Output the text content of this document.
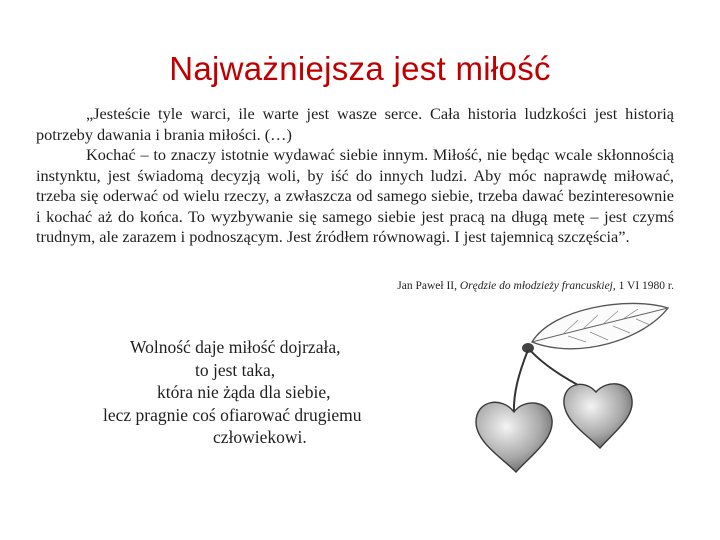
Najważniejsza jest miłość

„Jesteście tyle warci, ile warte jest wasze serce. Cała historia ludzkości jest historią potrzeby dawania i brania miłości. (…)

Kochać – to znaczy istotnie wydawać siebie innym. Miłość, nie będąc wcale skłonnością instynktu, jest świadomą decyzją woli, by iść do innych ludzi. Aby móc naprawdę miłować, trzeba się oderwać od wielu rzeczy, a zwłaszcza od samego siebie, trzeba dawać bezinteresownie i kochać aż do końca. To wyzbywanie się samego siebie jest pracą na długą metę – jest czymś trudnym, ale zarazem i podnoszącym. Jest źródłem równowagi. I jest tajemnicą szczęścia”.

Jan Paweł II, Orędzie do młodzieży francuskiej, 1 VI 1980 r.
Wolność daje miłość dojrzała,
to jest taka,
która nie żąda dla siebie,
lecz pragnie coś ofiarować drugiemu
człowiekowi.
